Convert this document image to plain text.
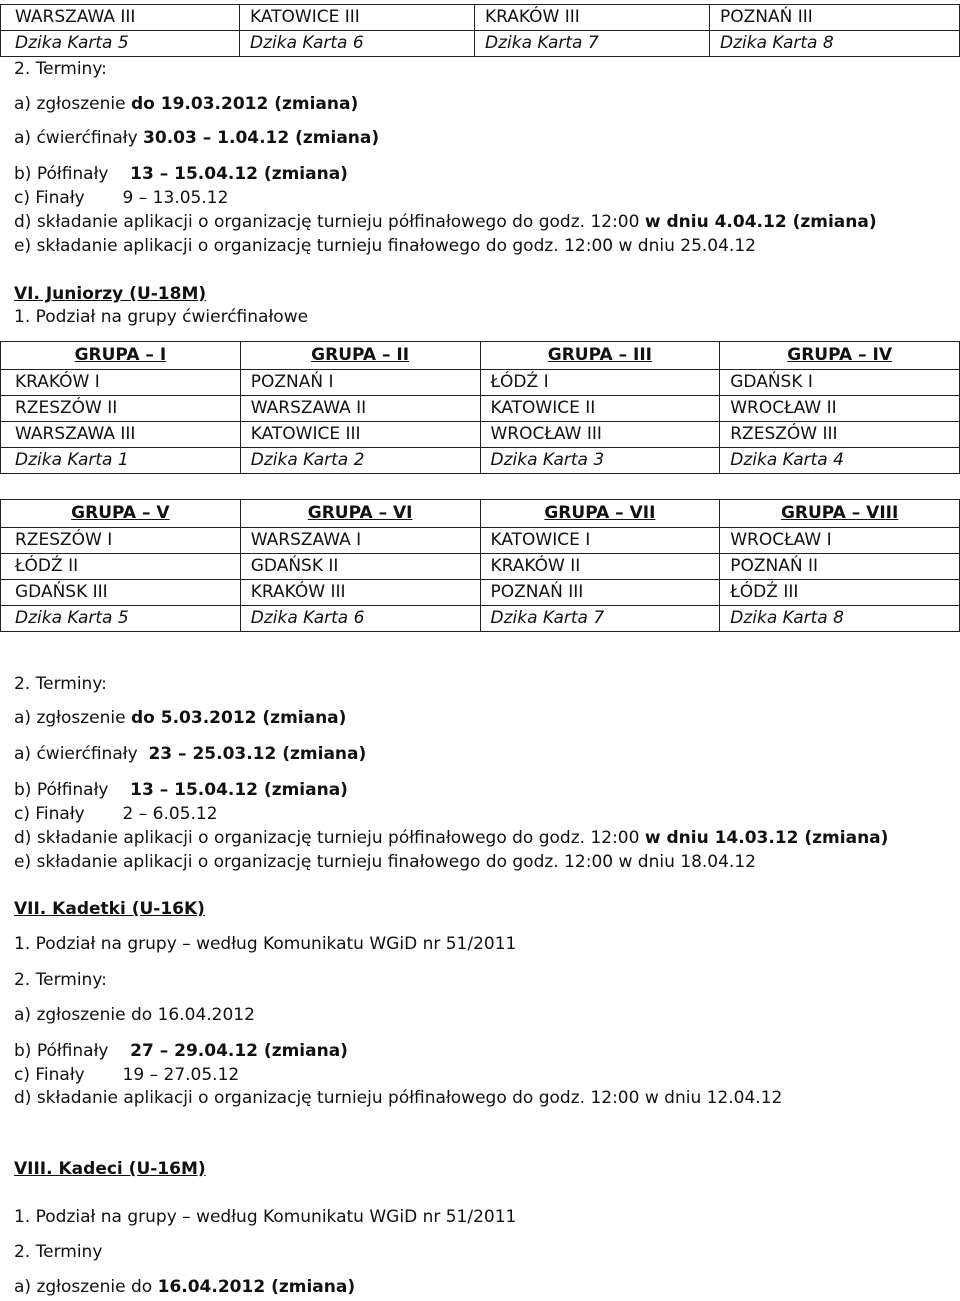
WARSZAWA III	KATOWICE III	KRAKÓW III	POZNAŃ III
Dzika Karta 5	Dzika Karta 6	Dzika Karta 7	Dzika Karta 8
2. Terminy:
a) zgłoszenie do 19.03.2012 (zmiana)
a) ćwierćfinały 30.03 – 1.04.12 (zmiana)
b) Półfinały    13 – 15.04.12 (zmiana)
c) Finały       9 – 13.05.12
d) składanie aplikacji o organizację turnieju półfinałowego do godz. 12:00 w dniu 4.04.12 (zmiana)
e) składanie aplikacji o organizację turnieju finałowego do godz. 12:00 w dniu 25.04.12
VI. Juniorzy (U-18M)
1. Podział na grupy ćwierćfinałowe
GRUPA – I	GRUPA – II	GRUPA – III	GRUPA – IV
KRAKÓW I	POZNAŃ I	ŁÓDŹ I	GDAŃSK I
RZESZÓW II	WARSZAWA II	KATOWICE II	WROCŁAW II
WARSZAWA III	KATOWICE III	WROCŁAW III	RZESZÓW III
Dzika Karta 1	Dzika Karta 2	Dzika Karta 3	Dzika Karta 4
GRUPA – V	GRUPA – VI	GRUPA – VII	GRUPA – VIII
RZESZÓW I	WARSZAWA I	KATOWICE I	WROCŁAW I
ŁÓDŹ II	GDAŃSK II	KRAKÓW II	POZNAŃ II
GDAŃSK III	KRAKÓW III	POZNAŃ III	ŁÓDŹ III
Dzika Karta 5	Dzika Karta 6	Dzika Karta 7	Dzika Karta 8
2. Terminy:
a) zgłoszenie do 5.03.2012 (zmiana)
a) ćwierćfinały  23 – 25.03.12 (zmiana)
b) Półfinały    13 – 15.04.12 (zmiana)
c) Finały       2 – 6.05.12
d) składanie aplikacji o organizację turnieju półfinałowego do godz. 12:00 w dniu 14.03.12 (zmiana)
e) składanie aplikacji o organizację turnieju finałowego do godz. 12:00 w dniu 18.04.12
VII. Kadetki (U-16K)
1. Podział na grupy – według Komunikatu WGiD nr 51/2011
2. Terminy:
a) zgłoszenie do 16.04.2012
b) Półfinały    27 – 29.04.12 (zmiana)
c) Finały       19 – 27.05.12
d) składanie aplikacji o organizację turnieju półfinałowego do godz. 12:00 w dniu 12.04.12
VIII. Kadeci (U-16M)
1. Podział na grupy – według Komunikatu WGiD nr 51/2011
2. Terminy
a) zgłoszenie do 16.04.2012 (zmiana)
